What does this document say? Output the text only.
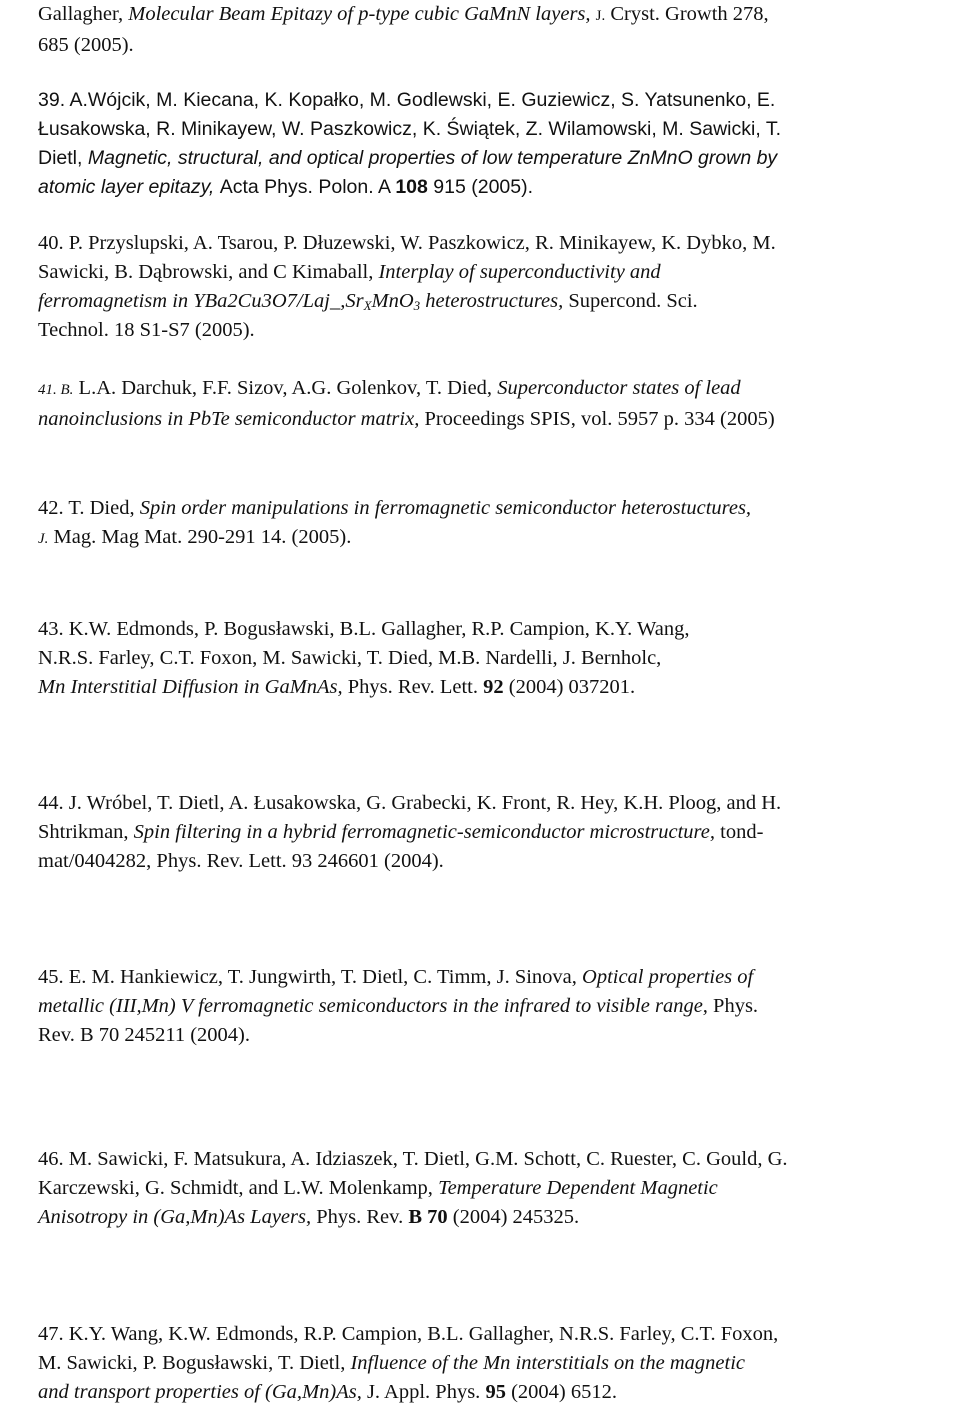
Gallagher, Molecular Beam Epitazy of p-type cubic GaMnN layers, J. Cryst. Growth 278,
685 (2005).
39. A.Wójcik, M. Kiecana, K. Kopałko, M. Godlewski, E. Guziewicz, S. Yatsunenko, E.
Łusakowska, R. Minikayew, W. Paszkowicz, K. Świątek, Z. Wilamowski, M. Sawicki, T.
Dietl, Magnetic, structural, and optical properties of low temperature ZnMnO grown by
atomic layer epitazy, Acta Phys. Polon. A 108 915 (2005).
40. P. Przyslupski, A. Tsarou, P. Dłuzewski, W. Paszkowicz, R. Minikayew, K. Dybko, M.
Sawicki, B. Dąbrowski, and C Kimaball, Interplay of superconductivity and
ferromagnetism in $YBa2Cu3O7/Laj\_,Sr_XMnO_3$ heterostructures, Supercond. Sci.
Technol. 18 S1-S7 (2005).
41. B. L.A. Darchuk, F.F. Sizov, A.G. Golenkov, T. Died, Superconductor states of lead
nanoinclusions in PbTe semiconductor matrix, Proceedings SPIS, vol. 5957 p. 334 (2005)
42. T. Died, Spin order manipulations in ferromagnetic semiconductor heterostuctures,
J. Mag. Mag Mat. 290-291 14. (2005).
43. K.W. Edmonds, P. Bogusławski, B.L. Gallagher, R.P. Campion, K.Y. Wang,
N.R.S. Farley, C.T. Foxon, M. Sawicki, T. Died, M.B. Nardelli, J. Bernholc,
Mn Interstitial Diffusion in GaMnAs, Phys. Rev. Lett. 92 (2004) 037201.
44. J. Wróbel, T. Dietl, A. Łusakowska, G. Grabecki, K. Front, R. Hey, K.H. Ploog, and H.
Shtrikman, Spin filtering in a hybrid ferromagnetic-semiconductor microstructure, tond-
mat/0404282, Phys. Rev. Lett. 93 246601 (2004).
45. E. M. Hankiewicz, T. Jungwirth, T. Dietl, C. Timm, J. Sinova, Optical properties of
metallic (III,Mn) V ferromagnetic semiconductors in the infrared to visible range, Phys.
Rev. B 70 245211 (2004).
46. M. Sawicki, F. Matsukura, A. Idziaszek, T. Dietl, G.M. Schott, C. Ruester, C. Gould, G.
Karczewski, G. Schmidt, and L.W. Molenkamp, Temperature Dependent Magnetic
Anisotropy in (Ga,Mn)As Layers, Phys. Rev. B 70 (2004) 245325.
47. K.Y. Wang, K.W. Edmonds, R.P. Campion, B.L. Gallagher, N.R.S. Farley, C.T. Foxon,
M. Sawicki, P. Bogusławski, T. Dietl, Influence of the Mn interstitials on the magnetic
and transport properties of (Ga,Mn)As, J. Appl. Phys. 95 (2004) 6512.
